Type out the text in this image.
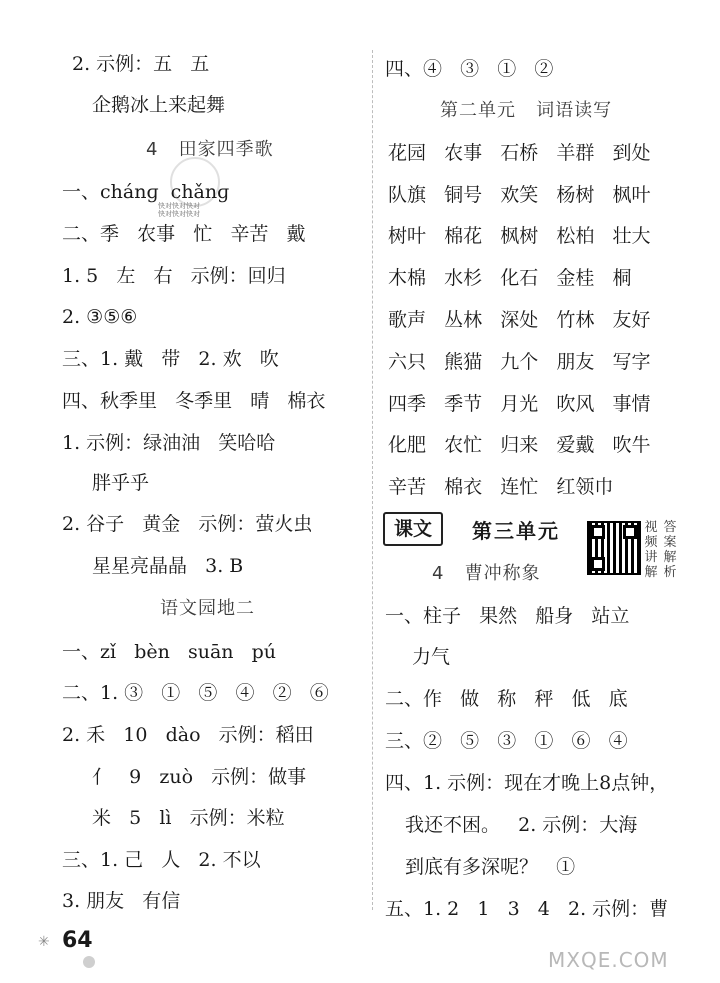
2. 示例：五   五
企鹅冰上来起舞
4   田家四季歌
一、chánɡ  chǎnɡ
快对快对快对
快对快对快对
二、季   农事   忙   辛苦   戴
1. 5   左   右   示例：回归
2. ③⑤⑥
三、1. 戴   带   2. 欢   吹
四、秋季里   冬季里   晴   棉衣
1. 示例：绿油油   笑哈哈
胖乎乎
2. 谷子   黄金   示例：萤火虫
星星亮晶晶   3. B
语文园地二
一、zǐ   bèn   suān   pú
二、1. ③   ①   ⑤   ④   ②   ⑥
2. 禾   10   dào   示例：稻田
亻   9   zuò   示例：做事
米   5   lì   示例：米粒
三、1. 己   人   2. 不以
3. 朋友   有信
四、④   ③   ①   ②
第二单元   词语读写
花园   农事   石桥   羊群   到处
队旗   铜号   欢笑   杨树   枫叶
树叶   棉花   枫树   松柏   壮大
木棉   水杉   化石   金桂   桐
歌声   丛林   深处   竹林   友好
六只   熊猫   九个   朋友   写字
四季   季节   月光   吹风   事情
化肥   农忙   归来   爱戴   吹牛
辛苦   棉衣   连忙   红领巾
课文	第三单元	视频讲解
答案解析
4   曹冲称象
一、柱子   果然   船身   站立
力气
二、作   做   称   秤   低   底
三、②   ⑤   ③   ①   ⑥   ④
四、1. 示例：现在才晚上8点钟，
我还不困。   2. 示例：大海
到底有多深呢？   ①
五、1. 2   1   3   4   2. 示例：曹
✳ 64
MXQE.COM
